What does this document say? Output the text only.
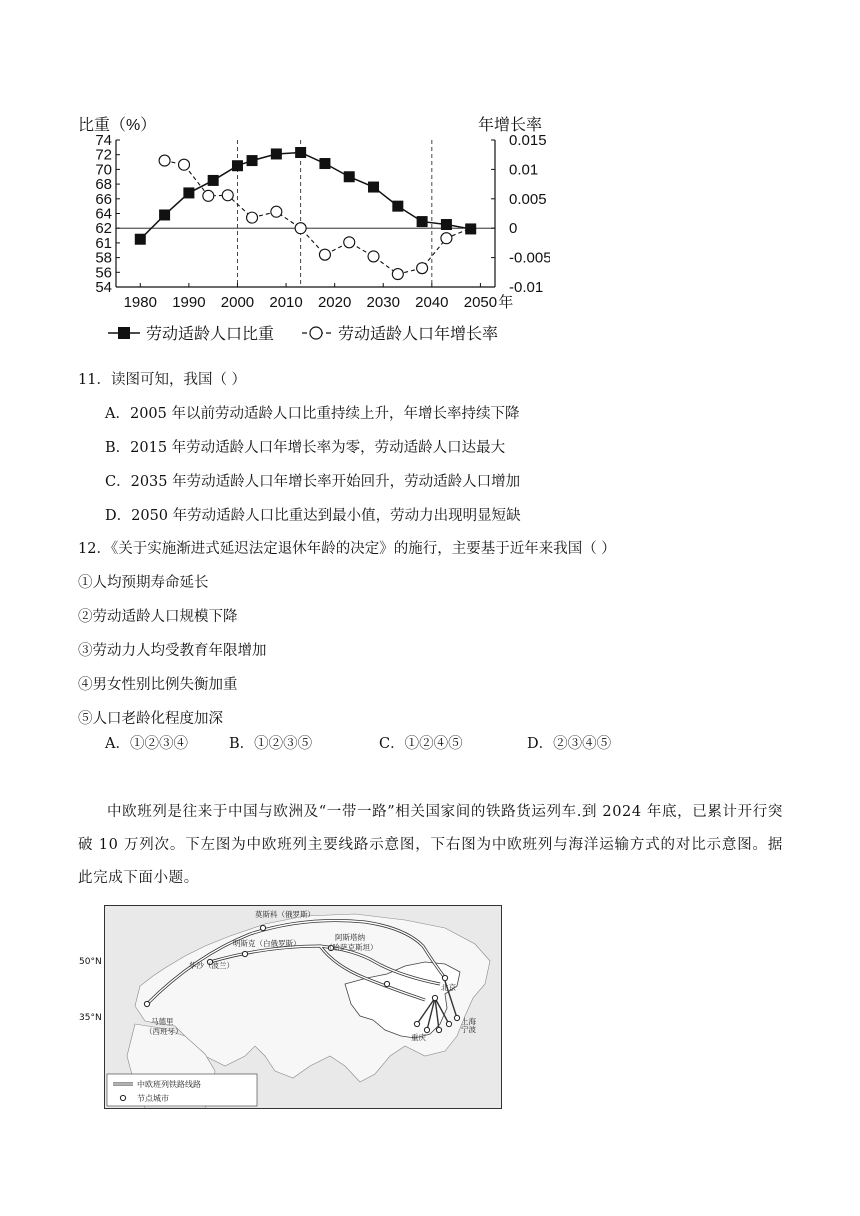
比重（%）	年增长率
74
72
70
68
66
64
62
61
58
56
54
0.015
0.01
0.005
0
-0.005
-0.01
1980 1990 2000 2010 2020 2030 2040 2050 年
劳动适龄人口比重	劳动适龄人口年增长率
11．读图可知，我国（ ）
A．2005 年以前劳动适龄人口比重持续上升，年增长率持续下降
B．2015 年劳动适龄人口年增长率为零，劳动适龄人口达最大
C．2035 年劳动适龄人口年增长率开始回升，劳动适龄人口增加
D．2050 年劳动适龄人口比重达到最小值，劳动力出现明显短缺
12．《关于实施渐进式延迟法定退休年龄的决定》的施行，主要基于近年来我国（ ）
①人均预期寿命延长
②劳动适龄人口规模下降
③劳动力人均受教育年限增加
④男女性别比例失衡加重
⑤人口老龄化程度加深
A．①②③④	B．①②③⑤	C．①②④⑤	D．②③④⑤

中欧班列是往来于中国与欧洲及“一带一路”相关国家间的铁路货运列车.到 2024 年底，已累计开行突破 10 万列次。下左图为中欧班列主要线路示意图，下右图为中欧班列与海洋运输方式的对比示意图。据此完成下面小题。

莫斯科（俄罗斯）
明斯克（白俄罗斯）
华沙（波兰）
阿斯塔纳
（哈萨克斯坦）
马德里
（西班牙）
北京
重庆
上海
宁波
中欧班列铁路线路
节点城市
50°N
35°N
